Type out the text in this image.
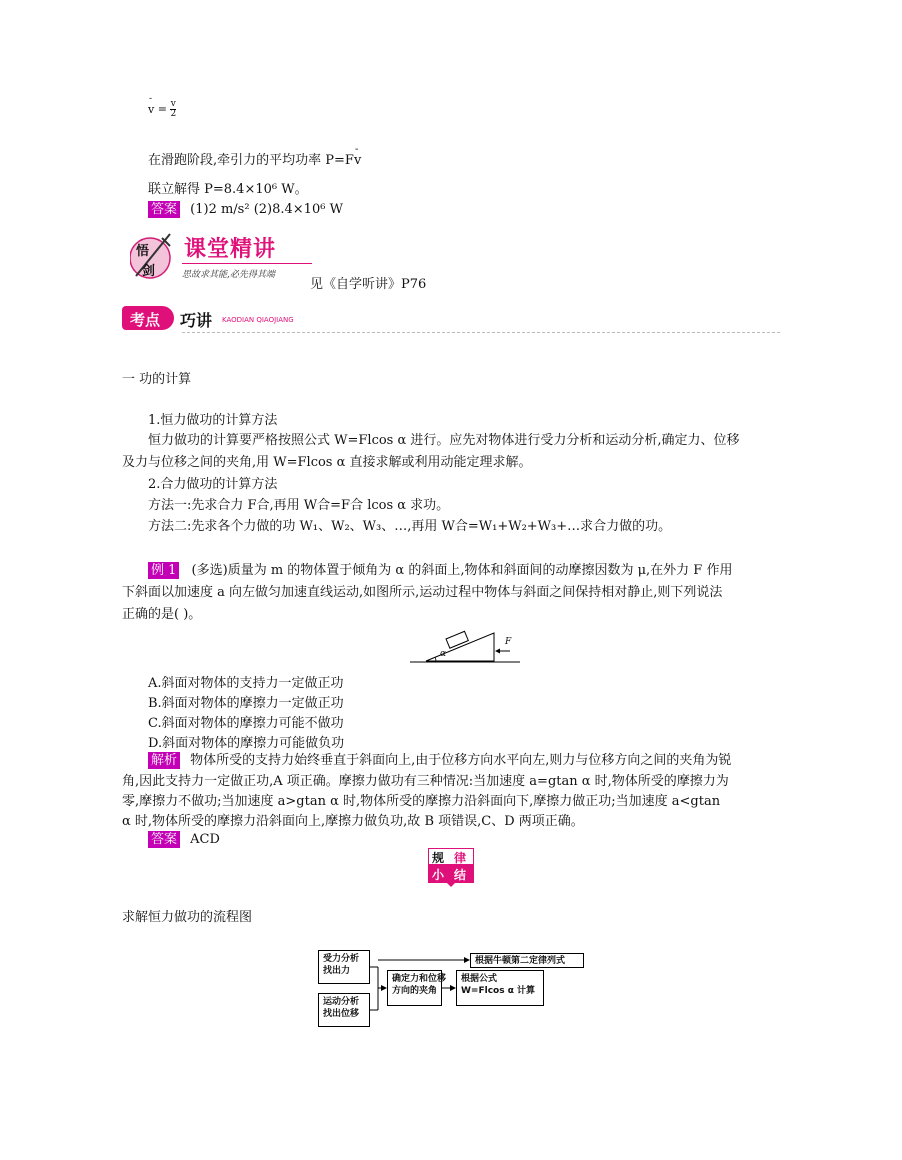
-
$v = \frac{v}{2}$
在滑跑阶段,牵引力的平均功率 P=F
-
v
联立解得 P=8.4×10⁶ W。
答案 (1)2 m/s² (2)8.4×10⁶ W
悟
剑
课堂精讲
思故求其能,必先得其端
见《自学听讲》P76
考点 巧讲 KAODIAN QIAOJIANG
一 功的计算
1.恒力做功的计算方法
恒力做功的计算要严格按照公式 W=Flcos α 进行。应先对物体进行受力分析和运动分析,确定力、位移
及力与位移之间的夹角,用 W=Flcos α 直接求解或利用动能定理求解。
2.合力做功的计算方法
方法一:先求合力 F合,再用 W合=F合 lcos α 求功。
方法二:先求各个力做的功 W₁、W₂、W₃、…,再用 W合=W₁+W₂+W₃+…求合力做的功。
例 1 (多选)质量为 m 的物体置于倾角为 α 的斜面上,物体和斜面间的动摩擦因数为 μ,在外力 F 作用
下斜面以加速度 a 向左做匀加速直线运动,如图所示,运动过程中物体与斜面之间保持相对静止,则下列说法
正确的是( )。
α
F
A.斜面对物体的支持力一定做正功
B.斜面对物体的摩擦力一定做正功
C.斜面对物体的摩擦力可能不做功
D.斜面对物体的摩擦力可能做负功
解析 物体所受的支持力始终垂直于斜面向上,由于位移方向水平向左,则力与位移方向之间的夹角为锐
角,因此支持力一定做正功,A 项正确。摩擦力做功有三种情况:当加速度 a=gtan α 时,物体所受的摩擦力为
零,摩擦力不做功;当加速度 a>gtan α 时,物体所受的摩擦力沿斜面向下,摩擦力做正功;当加速度 a<gtan
α 时,物体所受的摩擦力沿斜面向上,摩擦力做负功,故 B 项错误,C、D 两项正确。
答案 ACD
规 律
小 结
求解恒力做功的流程图
受力分析
找出力
运动分析
找出位移
确定力和位移
方向的夹角
根据公式
W=Flcos α 计算
根据牛顿第二定律列式
